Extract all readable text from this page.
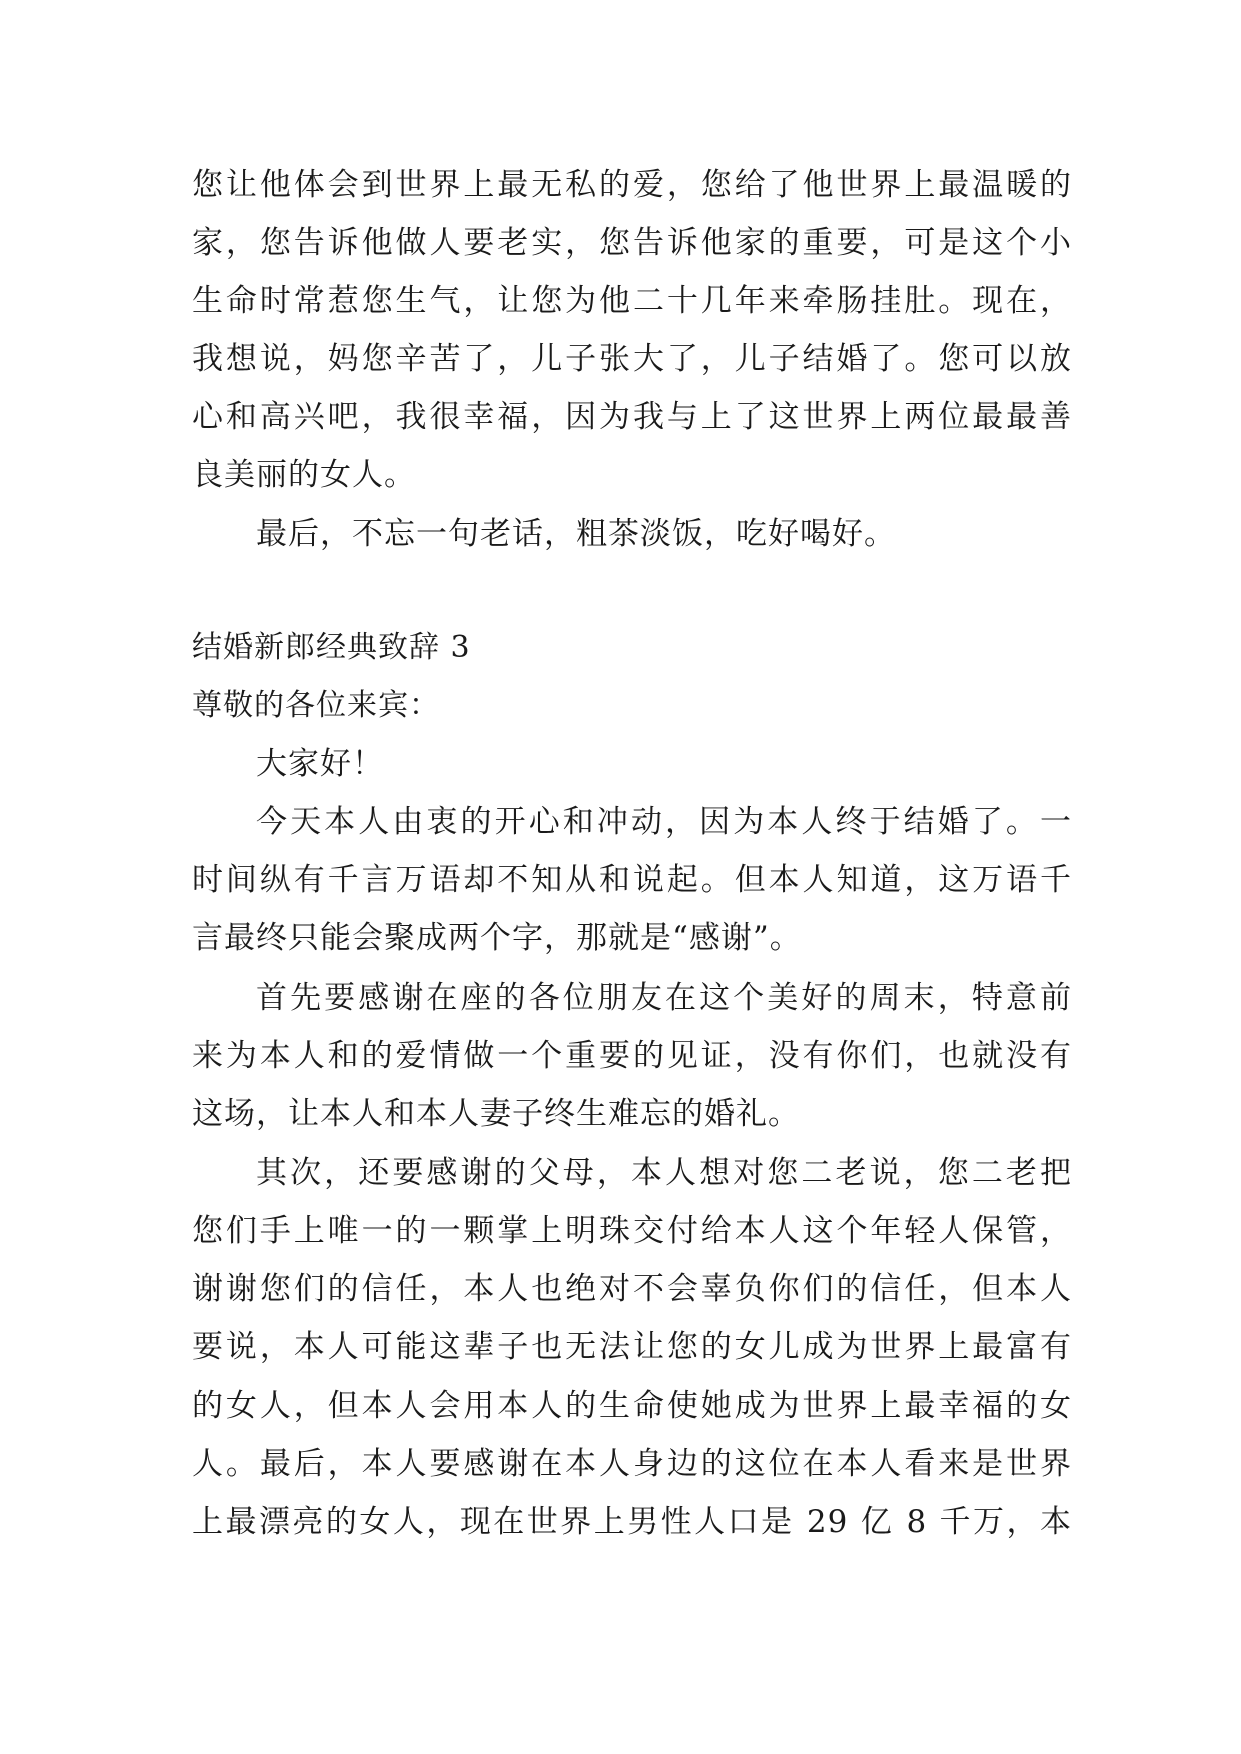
您让他体会到世界上最无私的爱，您给了他世界上最温暖的
家，您告诉他做人要老实，您告诉他家的重要，可是这个小
生命时常惹您生气，让您为他二十几年来牵肠挂肚。现在，
我想说，妈您辛苦了，儿子张大了，儿子结婚了。您可以放
心和高兴吧，我很幸福，因为我与上了这世界上两位最最善
良美丽的女人。
最后，不忘一句老话，粗茶淡饭，吃好喝好。
结婚新郎经典致辞 3
尊敬的各位来宾：
大家好！
今天本人由衷的开心和冲动，因为本人终于结婚了。一
时间纵有千言万语却不知从和说起。但本人知道，这万语千
言最终只能会聚成两个字，那就是“感谢”。
首先要感谢在座的各位朋友在这个美好的周末，特意前
来为本人和的爱情做一个重要的见证，没有你们，也就没有
这场，让本人和本人妻子终生难忘的婚礼。
其次，还要感谢的父母，本人想对您二老说，您二老把
您们手上唯一的一颗掌上明珠交付给本人这个年轻人保管，
谢谢您们的信任，本人也绝对不会辜负你们的信任，但本人
要说，本人可能这辈子也无法让您的女儿成为世界上最富有
的女人，但本人会用本人的生命使她成为世界上最幸福的女
人。最后，本人要感谢在本人身边的这位在本人看来是世界
上最漂亮的女人，现在世界上男性人口是 29 亿 8 千万，本
